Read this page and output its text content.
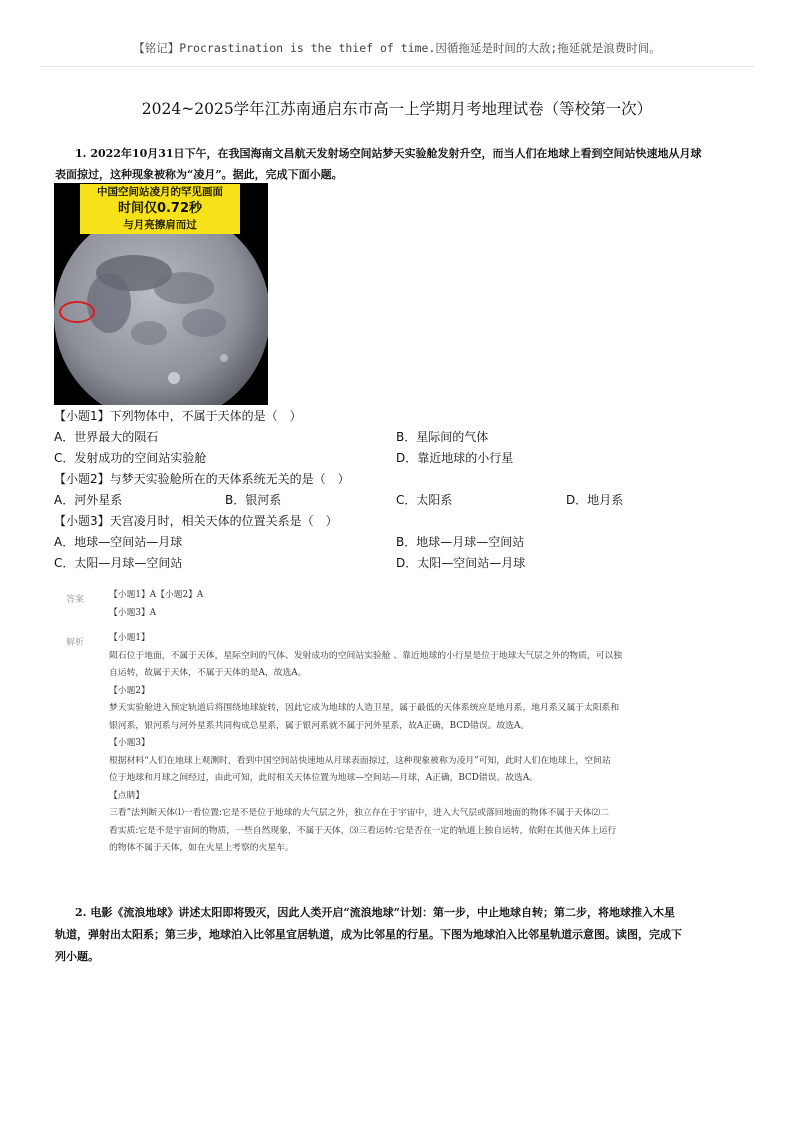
【铭记】Procrastination is the thief of time.因循拖延是时间的大敌;拖延就是浪费时间。
2024~2025学年江苏南通启东市高一上学期月考地理试卷（等校第一次）
1. 2022年10月31日下午，在我国海南文昌航天发射场空间站梦天实验舱发射升空，而当人们在地球上看到空间站快速地从月球
表面掠过，这种现象被称为“凌月”。据此，完成下面小题。
中国空间站凌月的罕见画面
时间仅0.72秒
与月亮擦肩而过
【小题1】下列物体中，不属于天体的是（　）
A．世界最大的陨石	B．星际间的气体
C．发射成功的空间站实验舱	D．靠近地球的小行星
【小题2】与梦天实验舱所在的天体系统无关的是（　）
A．河外星系	B．银河系	C．太阳系	D．地月系
【小题3】天宫凌月时，相关天体的位置关系是（　）
A．地球—空间站—月球	B．地球—月球—空间站
C．太阳—月球—空间站	D．太阳—空间站—月球
答案	【小题1】A【小题2】A
【小题3】A
解析	【小题1】
陨石位于地面，不属于天体，星际空间的气体、发射成功的空间站实验舱 、靠近地球的小行星是位于地球大气层之外的物质，可以独
自运转，故属于天体，不属于天体的是A，故选A。
【小题2】
梦天实验舱进入预定轨道后将围绕地球旋转，因此它成为地球的人造卫星，属于最低的天体系统应是地月系，地月系又属于太阳系和
银河系，银河系与河外星系共同构成总星系，属于银河系就不属于河外星系，故A正确，BCD错误。故选A。
【小题3】
根据材料“人们在地球上观测时，看到中国空间站快速地从月球表面掠过，这种现象被称为凌月”可知，此时人们在地球上，空间站
位于地球和月球之间经过，由此可知，此时相关天体位置为地球—空间站—月球，A正确，BCD错误。故选A。
【点睛】
三看”法判断天体⑴一看位置:它是不是位于地球的大气层之外，独立存在于宇宙中，进入大气层或落回地面的物体不属于天体⑵二
看实质:它是不是宇宙间的物质，一些自然现象，不属于天体，⑶三看运转:它是否在一定的轨道上独自运转，依附在其他天体上运行
的物体不属于天体，如在火星上考察的火星车。
2. 电影《流浪地球》讲述太阳即将毁灭，因此人类开启“流浪地球”计划：第一步，中止地球自转；第二步，将地球推入木星
轨道，弹射出太阳系；第三步，地球泊入比邻星宜居轨道，成为比邻星的行星。下图为地球泊入比邻星轨道示意图。读图，完成下
列小题。
